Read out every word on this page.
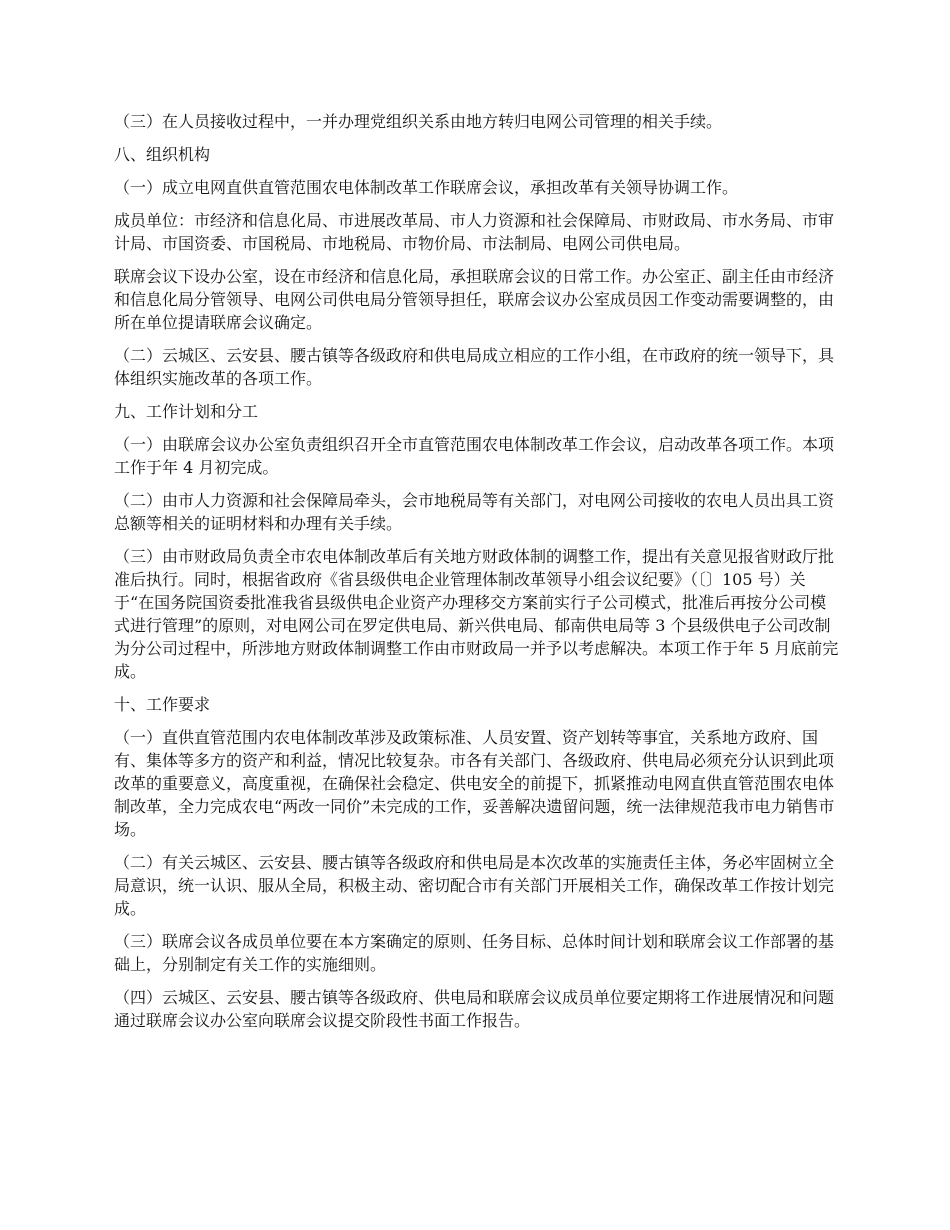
（三）在人员接收过程中，一并办理党组织关系由地方转归电网公司管理的相关手续。

八、组织机构

（一）成立电网直供直管范围农电体制改革工作联席会议，承担改革有关领导协调工作。

成员单位：市经济和信息化局、市进展改革局、市人力资源和社会保障局、市财政局、市水务局、市审计局、市国资委、市国税局、市地税局、市物价局、市法制局、电网公司供电局。

联席会议下设办公室，设在市经济和信息化局，承担联席会议的日常工作。办公室正、副主任由市经济和信息化局分管领导、电网公司供电局分管领导担任，联席会议办公室成员因工作变动需要调整的，由所在单位提请联席会议确定。

（二）云城区、云安县、腰古镇等各级政府和供电局成立相应的工作小组，在市政府的统一领导下，具体组织实施改革的各项工作。

九、工作计划和分工

（一）由联席会议办公室负责组织召开全市直管范围农电体制改革工作会议，启动改革各项工作。本项工作于年 4 月初完成。

（二）由市人力资源和社会保障局牵头，会市地税局等有关部门，对电网公司接收的农电人员出具工资总额等相关的证明材料和办理有关手续。

（三）由市财政局负责全市农电体制改革后有关地方财政体制的调整工作，提出有关意见报省财政厅批准后执行。同时，根据省政府《省县级供电企业管理体制改革领导小组会议纪要》（〔〕105 号）关于“在国务院国资委批准我省县级供电企业资产办理移交方案前实行子公司模式，批准后再按分公司模式进行管理”的原则，对电网公司在罗定供电局、新兴供电局、郁南供电局等 3 个县级供电子公司改制为分公司过程中，所涉地方财政体制调整工作由市财政局一并予以考虑解决。本项工作于年 5 月底前完成。

十、工作要求

（一）直供直管范围内农电体制改革涉及政策标准、人员安置、资产划转等事宜，关系地方政府、国有、集体等多方的资产和利益，情况比较复杂。市各有关部门、各级政府、供电局必须充分认识到此项改革的重要意义，高度重视，在确保社会稳定、供电安全的前提下，抓紧推动电网直供直管范围农电体制改革，全力完成农电“两改一同价”未完成的工作，妥善解决遗留问题，统一法律规范我市电力销售市场。

（二）有关云城区、云安县、腰古镇等各级政府和供电局是本次改革的实施责任主体，务必牢固树立全局意识，统一认识、服从全局，积极主动、密切配合市有关部门开展相关工作，确保改革工作按计划完成。

（三）联席会议各成员单位要在本方案确定的原则、任务目标、总体时间计划和联席会议工作部署的基础上，分别制定有关工作的实施细则。

（四）云城区、云安县、腰古镇等各级政府、供电局和联席会议成员单位要定期将工作进展情况和问题通过联席会议办公室向联席会议提交阶段性书面工作报告。
